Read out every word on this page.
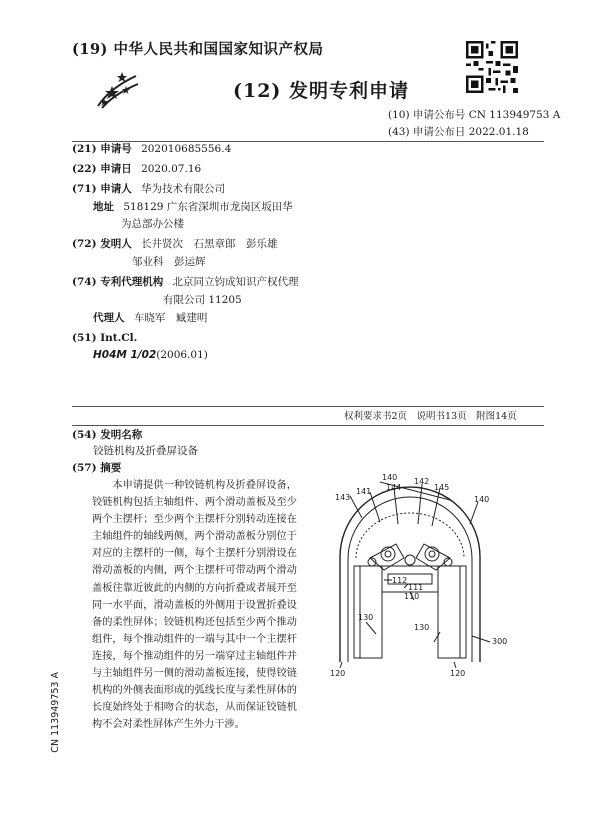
(19) 中华人民共和国国家知识产权局
(12) 发明专利申请
(10) 申请公布号 CN 113949753 A
(43) 申请公布日 2022.01.18
(21) 申请号 202010685556.4
(22) 申请日 2020.07.16
(71) 申请人 华为技术有限公司
地址 518129 广东省深圳市龙岗区坂田华
为总部办公楼
(72) 发明人 长井贤次　石黑章郎　彭乐雄
邹业科　彭运辉
(74) 专利代理机构 北京同立钧成知识产权代理
有限公司 11205
代理人 车晓军　臧建明
(51) Int.Cl.
H04M 1/02(2006.01)
权利要求书2页　说明书13页　附图14页
(54) 发明名称
铰链机构及折叠屏设备
(57) 摘要
本申请提供一种铰链机构及折叠屏设备，铰链机构包括主轴组件、两个滑动盖板及至少两个主摆杆；至少两个主摆杆分别转动连接在主轴组件的轴线两侧，两个滑动盖板分别位于对应的主摆杆的一侧，每个主摆杆分别滑设在滑动盖板的内侧，两个主摆杆可带动两个滑动盖板往靠近彼此的内侧的方向折叠或者展开至同一水平面，滑动盖板的外侧用于设置折叠设备的柔性屏体；铰链机构还包括至少两个推动组件，每个推动组件的一端与其中一个主摆杆连接，每个推动组件的另一端穿过主轴组件并与主轴组件另一侧的滑动盖板连接，使得铰链机构的外侧表面形成的弧线长度与柔性屏体的长度始终处于相吻合的状态，从而保证铰链机构不会对柔性屏体产生外力干涉。
CN 113949753 A
140
143
141 144
142
145
140
112
111
110
130
130
300
120	120
